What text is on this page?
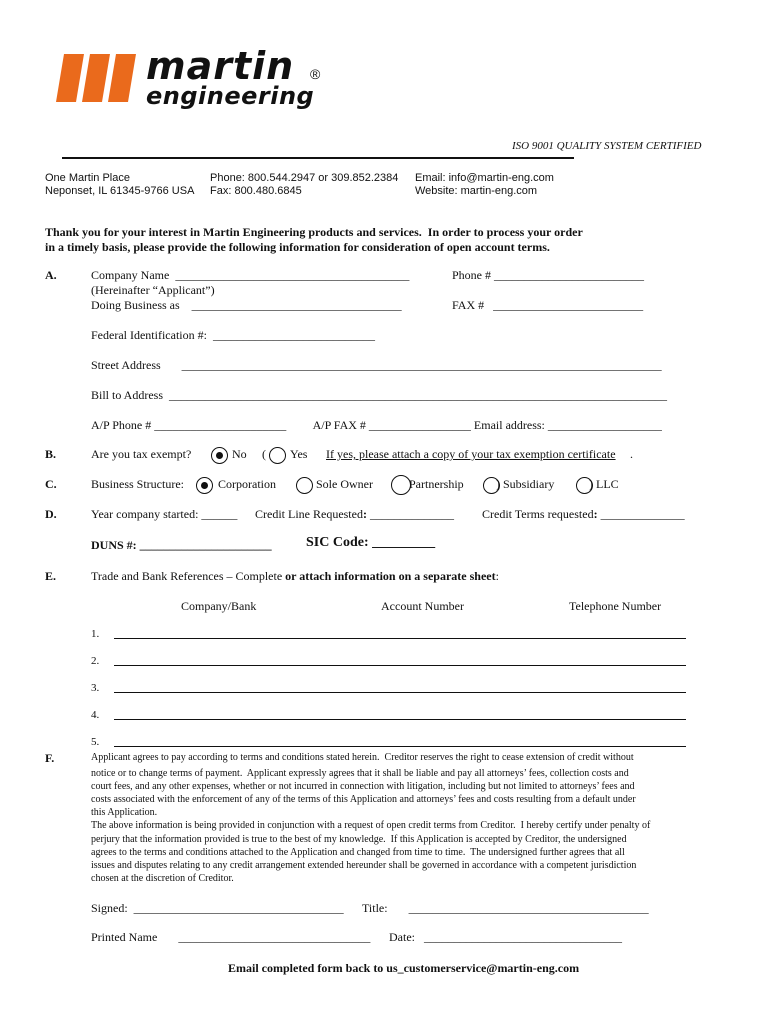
martin ®
engineering
ISO 9001 QUALITY SYSTEM CERTIFIED
One Martin Place
Neponset, IL 61345-9766 USA
Phone: 800.544.2947 or 309.852.2384
Fax: 800.480.6845
Email: info@martin-eng.com
Website: martin-eng.com
Thank you for your interest in Martin Engineering products and services.  In order to process your order
in a timely basis, please provide the following information for consideration of open account terms.
A.	Company Name  _______________________________________	Phone # _________________________
(Hereinafter “Applicant”)
Doing Business as    ___________________________________	FAX #   _________________________
Federal Identification #:  ___________________________
Street Address       ________________________________________________________________________________
Bill to Address  ___________________________________________________________________________________
A/P Phone # ______________________         A/P FAX # _________________ Email address: ___________________
B.	Are you tax exempt?	No ( Yes If yes, please attach a copy of your tax exemption certificate .
C.	Business Structure:	Corporation	Sole Owner	Partnership	) Subsidiary	) LLC
D.	Year company started: ______ Credit Line Requested: ______________ Credit Terms requested: ______________
DUNS #: ______________________ SIC Code: _________
E.	Trade and Bank References – Complete or attach information on a separate sheet:
Company/Bank	Account Number	Telephone Number
1.
2.
3.
4.
5.
F.	Applicant agrees to pay according to terms and conditions stated herein.  Creditor reserves the right to cease extension of credit without
notice or to change terms of payment.  Applicant expressly agrees that it shall be liable and pay all attorneys’ fees, collection costs and
court fees, and any other expenses, whether or not incurred in connection with litigation, including but not limited to attorneys’ fees and
costs associated with the enforcement of any of the terms of this Application and attorneys’ fees and costs resulting from a default under
this Application.
The above information is being provided in conjunction with a request of open credit terms from Creditor.  I hereby certify under penalty of
perjury that the information provided is true to the best of my knowledge.  If this Application is accepted by Creditor, the undersigned
agrees to the terms and conditions attached to the Application and changed from time to time.  The undersigned further agrees that all
issues and disputes relating to any credit arrangement extended hereunder shall be governed in accordance with a competent jurisdiction
chosen at the discretion of Creditor.
Signed:  ___________________________________ Title:       ________________________________________
Printed Name       ________________________________ Date:   _________________________________
Email completed form back to us_customerservice@martin-eng.com
